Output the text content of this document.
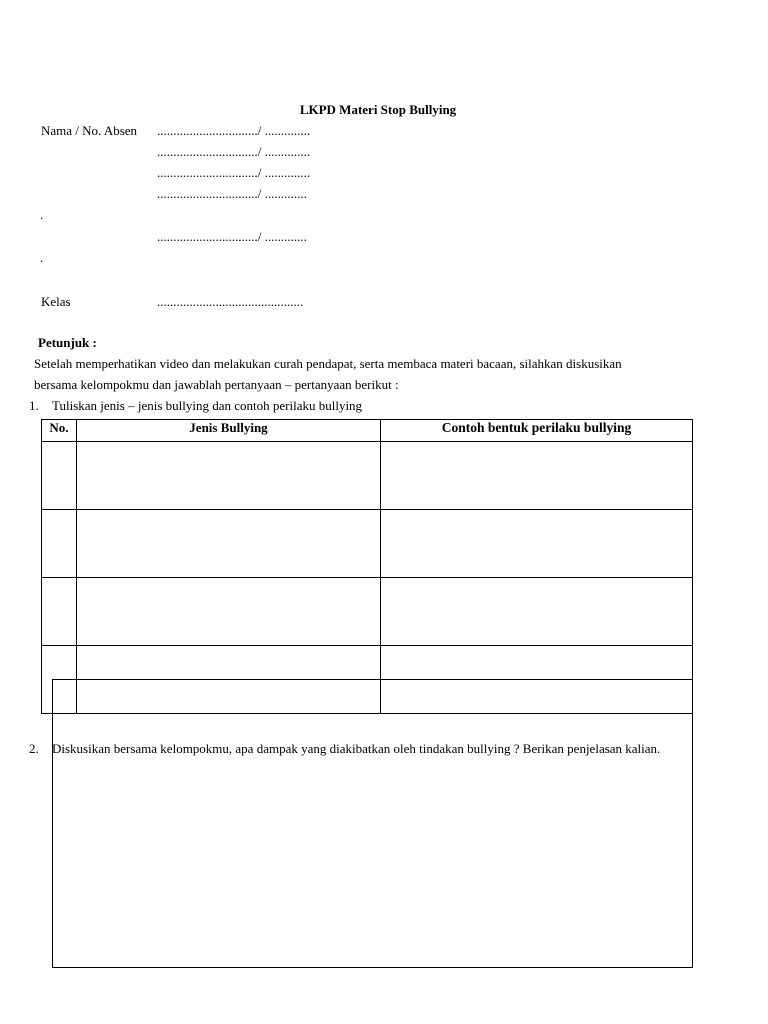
LKPD Materi Stop Bullying
Nama / No. Absen .............................../ ..............
.............................../ ..............
.............................../ ..............
.............................../ .............
.
.............................../ .............
.
Kelas	.............................................
Petunjuk :
Setelah memperhatikan video dan melakukan curah pendapat, serta membaca materi bacaan, silahkan diskusikan
bersama kelompokmu dan jawablah pertanyaan – pertanyaan berikut :
1. Tuliskan jenis – jenis bullying dan contoh perilaku bullying
No.	Jenis Bullying	Contoh bentuk perilaku bullying

2. Diskusikan bersama kelompokmu, apa dampak yang diakibatkan oleh tindakan bullying ? Berikan penjelasan kalian.
